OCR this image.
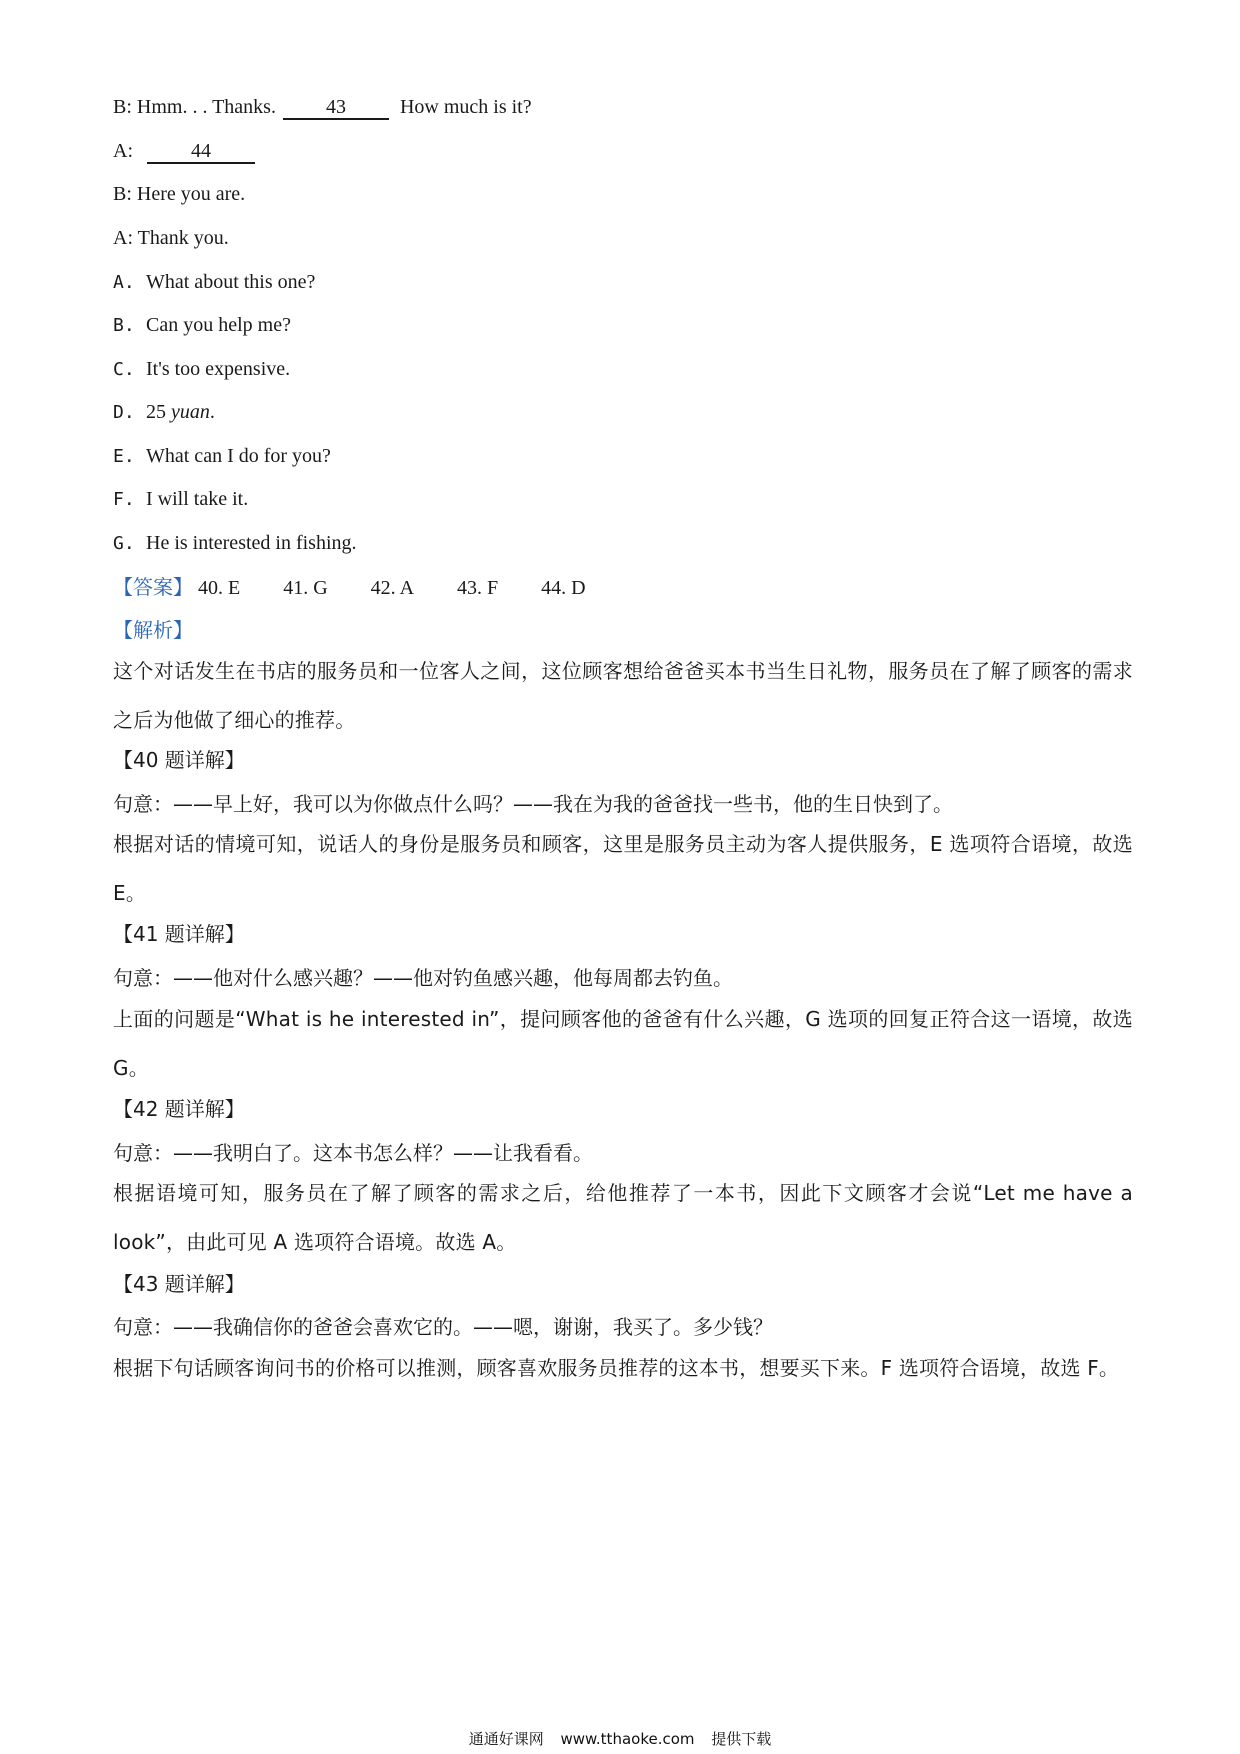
B: Hmm. . . Thanks.	43	How much is it?
A:	44
B: Here you are.
A: Thank you.
A. What about this one?
B. Can you help me?
C. It's too expensive.
D. 25 yuan.
E. What can I do for you?
F. I will take it.
G. He is interested in fishing.
【答案】 40. E 41. G 42. A 43. F 44. D
【解析】
这个对话发生在书店的服务员和一位客人之间，这位顾客想给爸爸买本书当生日礼物，服务员在了解了顾客的需求之后为他做了细心的推荐。
【40 题详解】
句意：——早上好，我可以为你做点什么吗？——我在为我的爸爸找一些书，他的生日快到了。
根据对话的情境可知，说话人的身份是服务员和顾客，这里是服务员主动为客人提供服务，E 选项符合语境，故选 E。
【41 题详解】
句意：——他对什么感兴趣？——他对钓鱼感兴趣，他每周都去钓鱼。
上面的问题是“What is he interested in”，提问顾客他的爸爸有什么兴趣，G 选项的回复正符合这一语境，故选 G。
【42 题详解】
句意：——我明白了。这本书怎么样？——让我看看。
根据语境可知，服务员在了解了顾客的需求之后，给他推荐了一本书，因此下文顾客才会说“Let me have a look”，由此可见 A 选项符合语境。故选 A。
【43 题详解】
句意：——我确信你的爸爸会喜欢它的。——嗯，谢谢，我买了。多少钱？
根据下句话顾客询问书的价格可以推测，顾客喜欢服务员推荐的这本书，想要买下来。F 选项符合语境，故选 F。
通通好课网 www.tthaoke.com 提供下载
